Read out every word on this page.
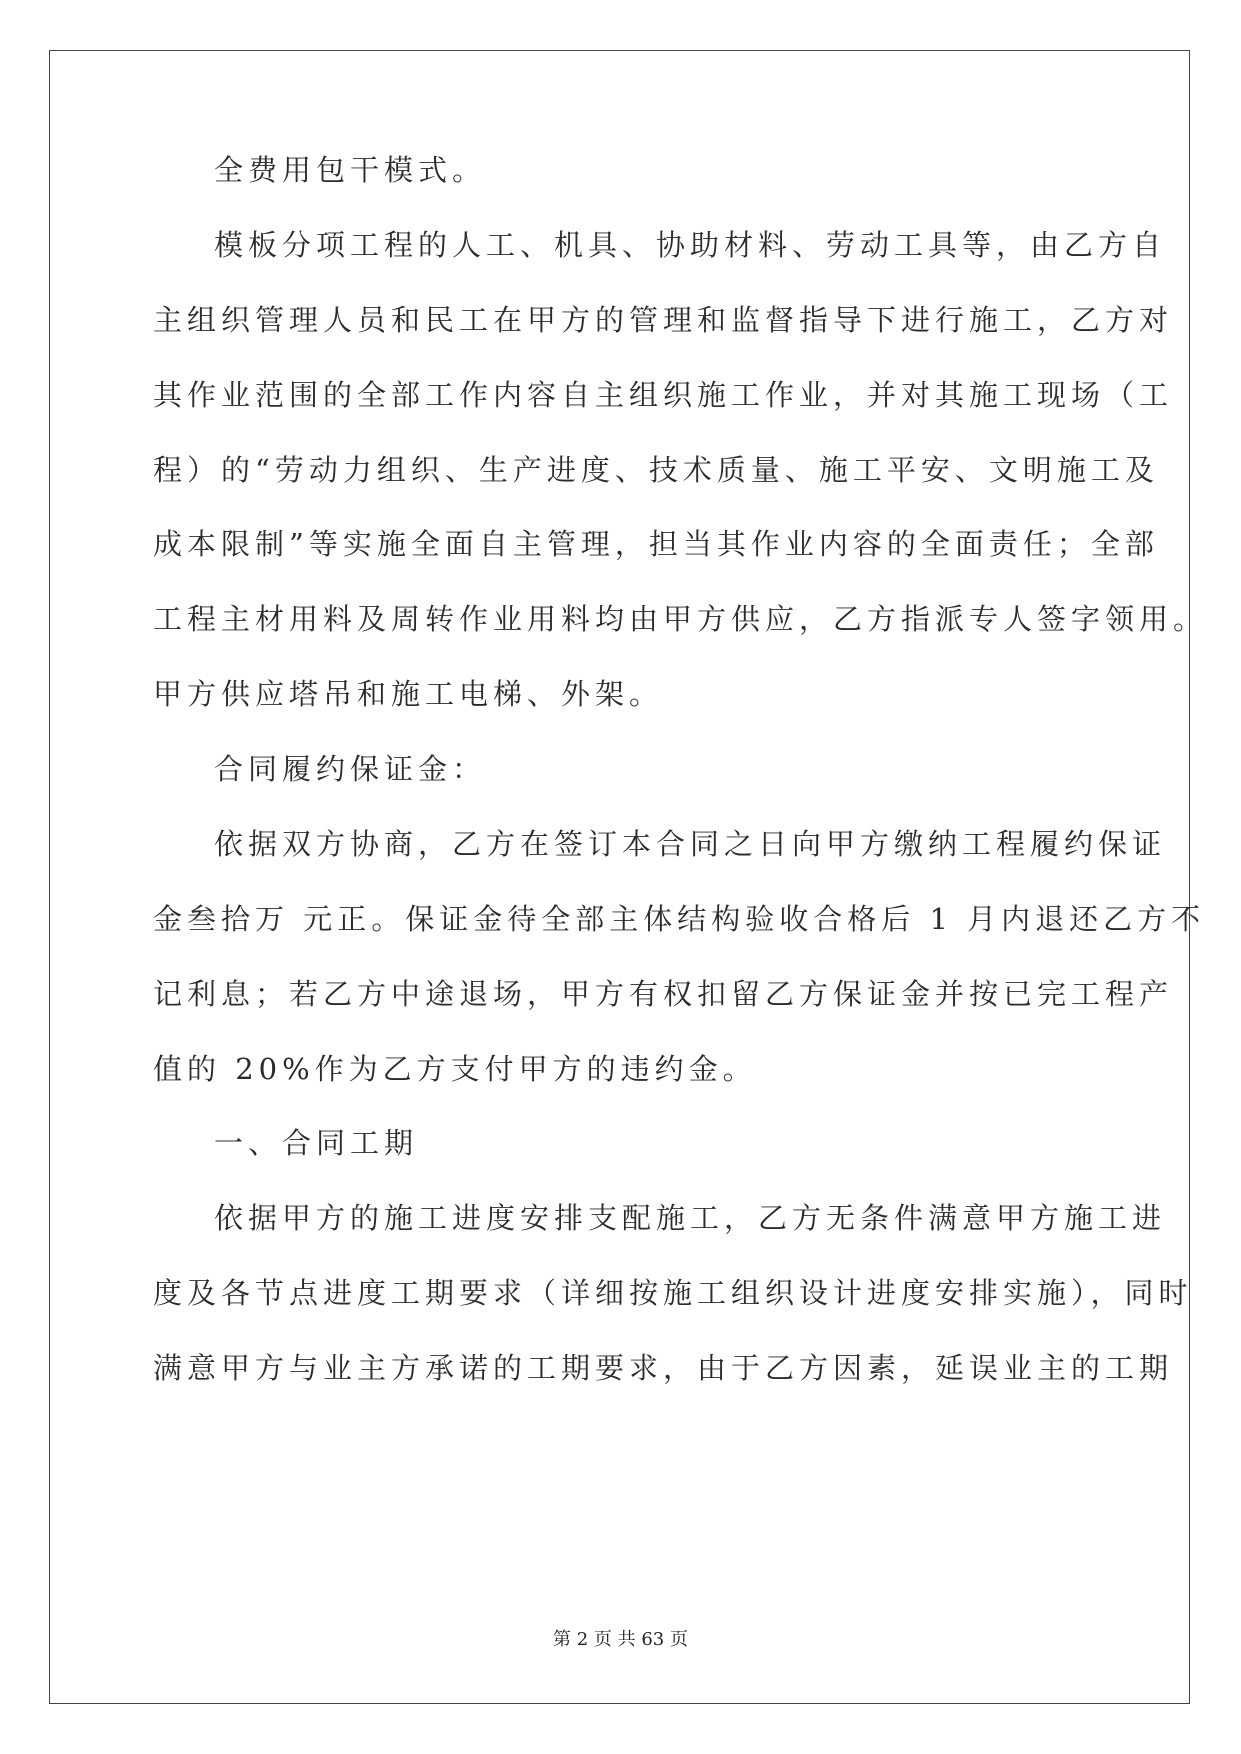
全费用包干模式。
模板分项工程的人工、机具、协助材料、劳动工具等，由乙方自
主组织管理人员和民工在甲方的管理和监督指导下进行施工，乙方对
其作业范围的全部工作内容自主组织施工作业，并对其施工现场（工
程）的“劳动力组织、生产进度、技术质量、施工平安、文明施工及
成本限制”等实施全面自主管理，担当其作业内容的全面责任；全部
工程主材用料及周转作业用料均由甲方供应，乙方指派专人签字领用。
甲方供应塔吊和施工电梯、外架。
合同履约保证金：
依据双方协商，乙方在签订本合同之日向甲方缴纳工程履约保证
金叁拾万 元正。保证金待全部主体结构验收合格后 1 月内退还乙方不
记利息；若乙方中途退场，甲方有权扣留乙方保证金并按已完工程产
值的 20%作为乙方支付甲方的违约金。
一、合同工期
依据甲方的施工进度安排支配施工，乙方无条件满意甲方施工进
度及各节点进度工期要求（详细按施工组织设计进度安排实施），同时
满意甲方与业主方承诺的工期要求，由于乙方因素，延误业主的工期
第 2 页 共 63 页
